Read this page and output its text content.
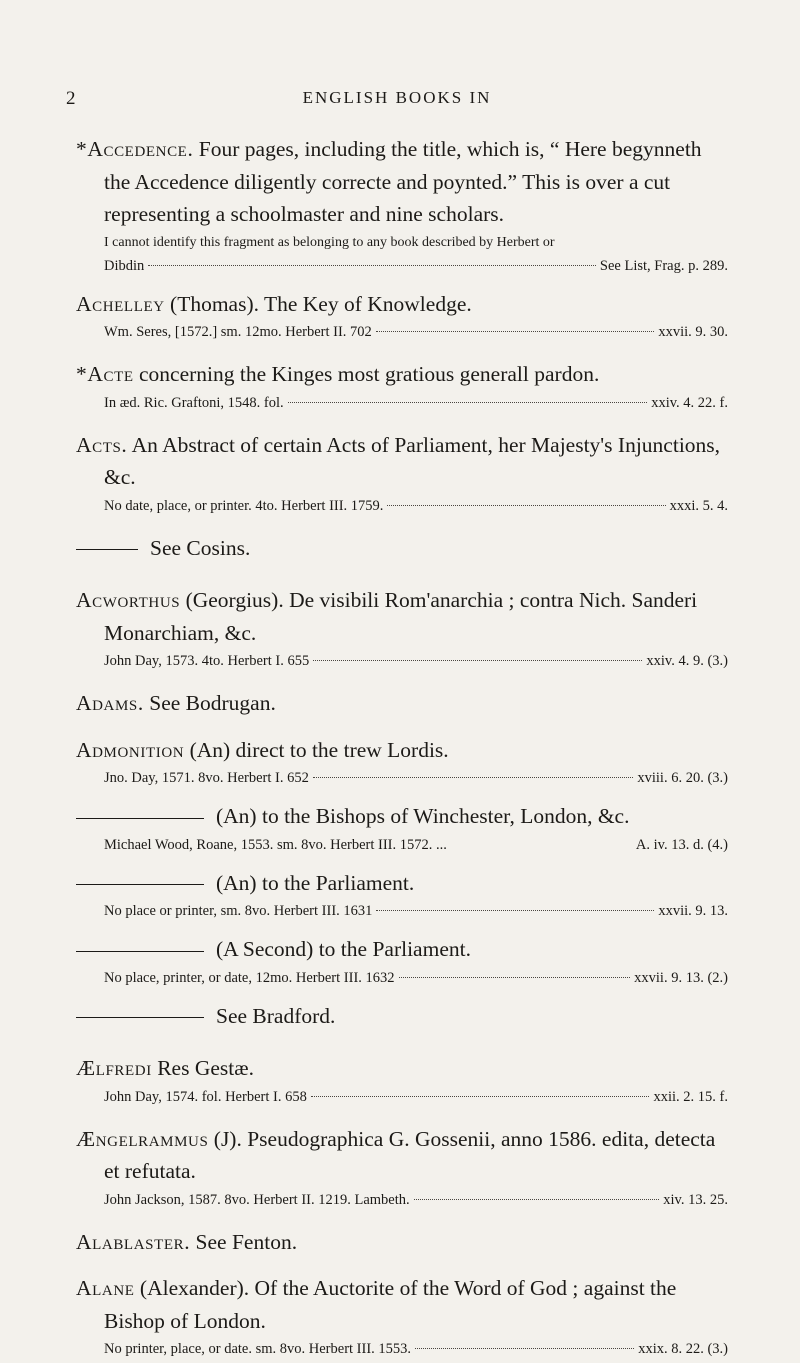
2	ENGLISH BOOKS IN
*Accedence. Four pages, including the title, which is, “ Here begynneth the Accedence diligently correcte and poynted.” This is over a cut representing a schoolmaster and nine scholars.
I cannot identify this fragment as belonging to any book described by Herbert or
Dibdin	See List, Frag. p. 289.
Achelley (Thomas). The Key of Knowledge.
Wm. Seres, [1572.] sm. 12mo. Herbert II. 702	xxvii. 9. 30.
*Acte concerning the Kinges most gratious generall pardon.
In æd. Ric. Graftoni, 1548. fol.	xxiv. 4. 22. f.
Acts. An Abstract of certain Acts of Parliament, her Majesty's Injunctions, &c.
No date, place, or printer. 4to. Herbert III. 1759.	xxxi. 5. 4.
See Cosins.
Acworthus (Georgius). De visibili Rom'anarchia ; contra Nich. Sanderi Monarchiam, &c.
John Day, 1573. 4to. Herbert I. 655	xxiv. 4. 9. (3.)
Adams. See Bodrugan.
Admonition (An) direct to the trew Lordis.
Jno. Day, 1571. 8vo. Herbert I. 652	xviii. 6. 20. (3.)
(An) to the Bishops of Winchester, London, &c.
Michael Wood, Roane, 1553. sm. 8vo. Herbert III. 1572. ...	A. iv. 13. d. (4.)
(An) to the Parliament.
No place or printer, sm. 8vo. Herbert III. 1631	xxvii. 9. 13.
(A Second) to the Parliament.
No place, printer, or date, 12mo. Herbert III. 1632	xxvii. 9. 13. (2.)
See Bradford.
Ælfredi Res Gestæ.
John Day, 1574. fol. Herbert I. 658	xxii. 2. 15. f.
Ængelrammus (J). Pseudographica G. Gossenii, anno 1586. edita, detecta et refutata.
John Jackson, 1587. 8vo. Herbert II. 1219. Lambeth.	xiv. 13. 25.
Alablaster. See Fenton.
Alane (Alexander). Of the Auctorite of the Word of God ; against the Bishop of London.
No printer, place, or date. sm. 8vo. Herbert III. 1553.	xxix. 8. 22. (3.)
